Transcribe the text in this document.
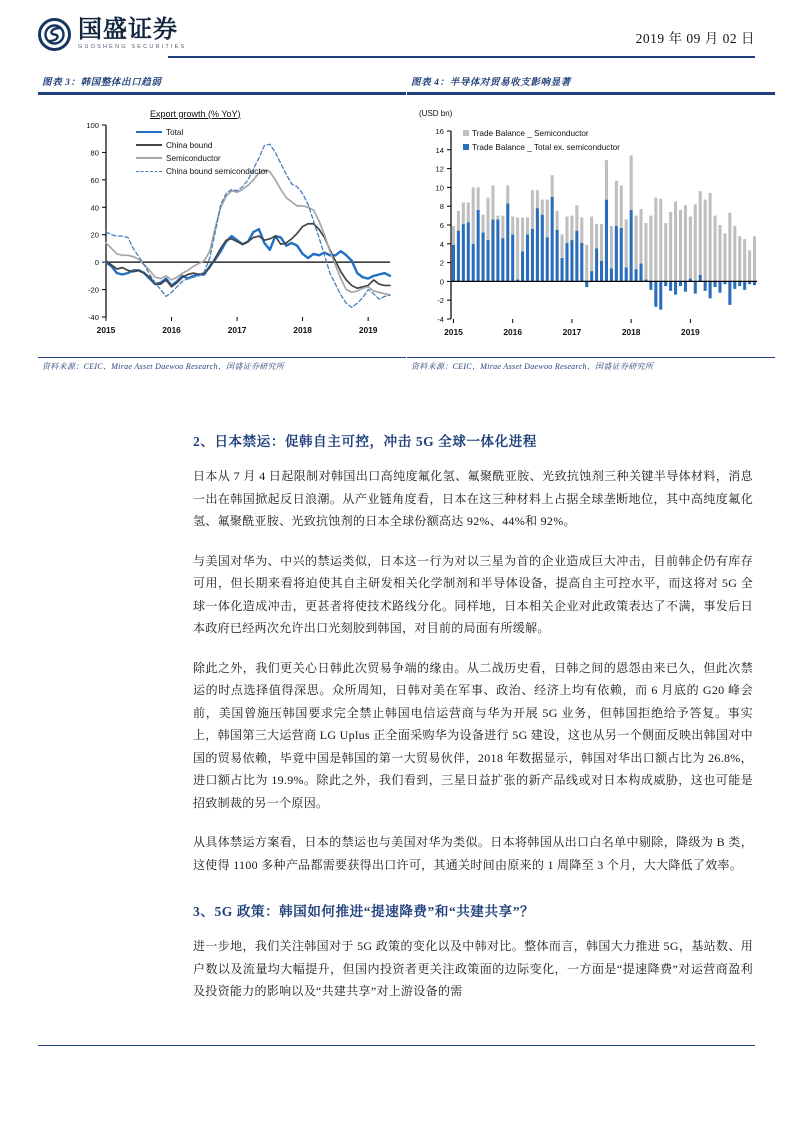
国盛证券
GUOSHENG SECURITIES
2019 年 09 月 02 日
图表 3：韩国整体出口趋弱
Export growth (% YoY)
Total
China bound
Semiconductor
China bound semiconductor
-40
-20
0
20
40
60
80
100
2015	2016	2017	2018	2019
资料来源：CEIC、Mirae Asset Daewoo Research、国盛证券研究所
图表 4：半导体对贸易收支影响显著
(USD bn)
Trade Balance _ Semiconductor
Trade Balance _ Total ex. semiconductor
-4
-2
0
2
4
6
8
10
12
14
16
2015	2016	2017	2018	2019
资料来源：CEIC、Mirae Asset Daewoo Research、国盛证券研究所
2、日本禁运：促韩自主可控，冲击 5G 全球一体化进程

日本从 7 月 4 日起限制对韩国出口高纯度氟化氢、氟聚酰亚胺、光致抗蚀剂三种关键半导体材料，消息一出在韩国掀起反日浪潮。从产业链角度看，日本在这三种材料上占据全球垄断地位，其中高纯度氟化氢、氟聚酰亚胺、光致抗蚀剂的日本全球份额高达 92%、44%和 92%。

与美国对华为、中兴的禁运类似，日本这一行为对以三星为首的企业造成巨大冲击，目前韩企仍有库存可用，但长期来看将迫使其自主研发相关化学制剂和半导体设备，提高自主可控水平，而这将对 5G 全球一体化造成冲击，更甚者将使技术路线分化。同样地，日本相关企业对此政策表达了不满，事发后日本政府已经两次允许出口光刻胶到韩国，对目前的局面有所缓解。

除此之外，我们更关心日韩此次贸易争端的缘由。从二战历史看，日韩之间的恩怨由来已久，但此次禁运的时点选择值得深思。众所周知，日韩对美在军事、政治、经济上均有依赖，而 6 月底的 G20 峰会前，美国曾施压韩国要求完全禁止韩国电信运营商与华为开展 5G 业务，但韩国拒绝给予答复。事实上，韩国第三大运营商 LG Uplus 正全面采购华为设备进行 5G 建设，这也从另一个侧面反映出韩国对中国的贸易依赖，毕竟中国是韩国的第一大贸易伙伴，2018 年数据显示，韩国对华出口额占比为 26.8%，进口额占比为 19.9%。除此之外，我们看到，三星日益扩张的新产品线或对日本构成威胁，这也可能是招致制裁的另一个原因。

从具体禁运方案看，日本的禁运也与美国对华为类似。日本将韩国从出口白名单中剔除，降级为 B 类，这使得 1100 多种产品都需要获得出口许可，其通关时间由原来的 1 周降至 3 个月，大大降低了效率。

3、5G 政策：韩国如何推进“提速降费”和“共建共享”？

进一步地，我们关注韩国对于 5G 政策的变化以及中韩对比。整体而言，韩国大力推进 5G，基站数、用户数以及流量均大幅提升，但国内投资者更关注政策面的边际变化，一方面是“提速降费”对运营商盈利及投资能力的影响以及“共建共享”对上游设备的需
